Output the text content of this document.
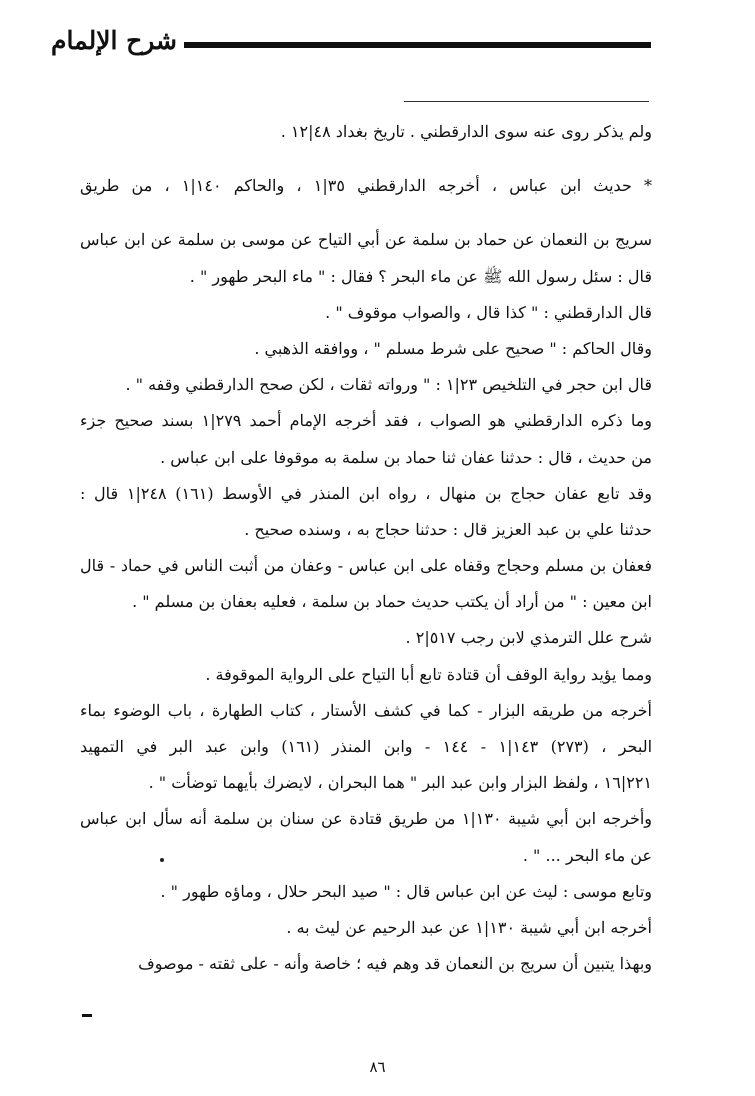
شرح الإلمام
ولم يذكر روى عنه سوى الدارقطني . تاريخ بغداد ٤٨|١٢ .
* حديث ابن عباس ، أخرجه الدارقطني ٣٥|١ ، والحاكم ١٤٠|١ ، من طريق
سريج بن النعمان عن حماد بن سلمة عن أبي التياح عن موسى بن سلمة عن ابن عباس
قال : سئل رسول الله ﷺ عن ماء البحر ؟ فقال : " ماء البحر طهور " .
قال الدارقطني : " كذا قال ، والصواب موقوف " .
وقال الحاكم : " صحيح على شرط مسلم " ، ووافقه الذهبي .
قال ابن حجر في التلخيص ٢٣|١ : " ورواته ثقات ، لكن صحح الدارقطني وقفه " .
وما ذكره الدارقطني هو الصواب ، فقد أخرجه الإمام أحمد ٢٧٩|١ بسند صحيح جزء
من حديث ، قال : حدثنا عفان ثنا حماد بن سلمة به موقوفا على ابن عباس .
وقد تابع عفان حجاج بن منهال ، رواه ابن المنذر في الأوسط (١٦١) ٢٤٨|١ قال :
حدثنا علي بن عبد العزيز قال : حدثنا حجاج به ، وسنده صحيح .
فعفان بن مسلم وحجاج وقفاه على ابن عباس - وعفان من أثبت الناس في حماد - قال
ابن معين : " من أراد أن يكتب حديث حماد بن سلمة ، فعليه بعفان بن مسلم " .
شرح علل الترمذي لابن رجب ٥١٧|٢ .
ومما يؤيد رواية الوقف أن قتادة تابع أبا التياح على الرواية الموقوفة .
أخرجه من طريقه البزار - كما في كشف الأستار ، كتاب الطهارة ، باب الوضوء بماء
البحر ، (٢٧٣) ١٤٣|١ - ١٤٤ - وابن المنذر (١٦١) وابن عبد البر في التمهيد
٢٢١|١٦ ، ولفظ البزار وابن عبد البر " هما البحران ، لايضرك بأيهما توضأت " .
وأخرجه ابن أبي شيبة ١٣٠|١ من طريق قتادة عن سنان بن سلمة أنه سأل ابن عباس
عن ماء البحر ... " .
وتابع موسى : ليث عن ابن عباس قال : " صيد البحر حلال ، وماؤه طهور " .
أخرجه ابن أبي شيبة ١٣٠|١ عن عبد الرحيم عن ليث به .
وبهذا يتبين أن سريج بن النعمان قد وهم فيه ؛ خاصة وأنه - على ثقته - موصوف
٨٦
